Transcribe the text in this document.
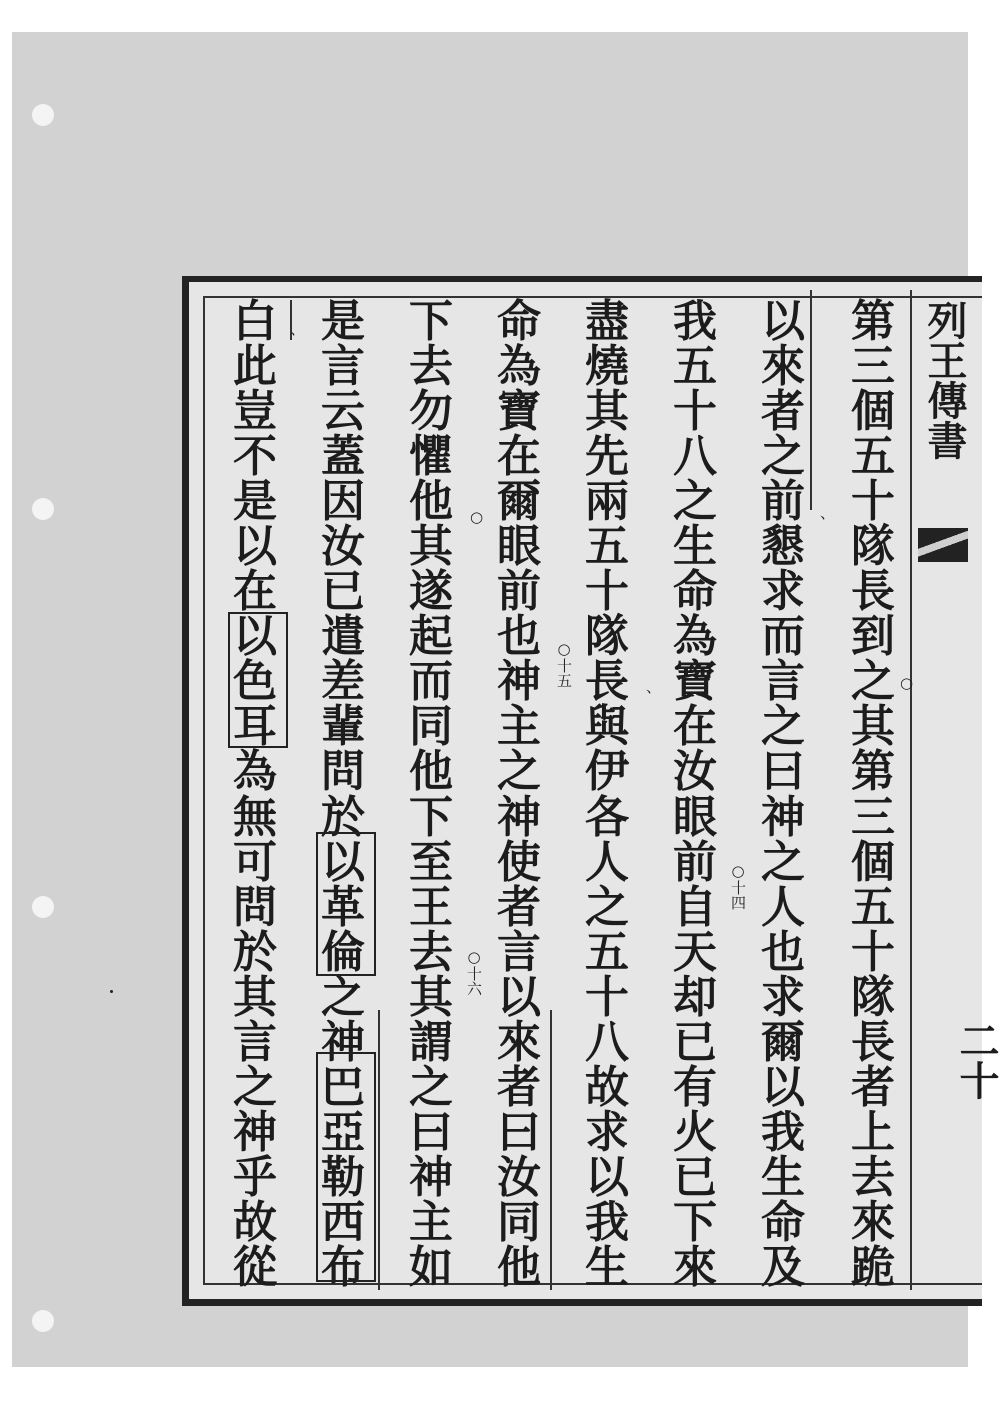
列王傳書
二十
第
三
個
五
十
隊
長
到
之
其
第
三
個
五
十
隊
長
者
上
去
來
跪
以
來
者
之
前
懇
求
而
言
之
曰
神
之
人
也
求
爾
以
我
生
命
及
我
五
十
八
之
生
命
為
寶
在
汝
眼
前
自
天
却
已
有
火
已
下
來
盡
燒
其
先
兩
五
十
隊
長
與
伊
各
人
之
五
十
八
故
求
以
我
生
命
為
寶
在
爾
眼
前
也
神
主
之
神
使
者
言
以
來
者
曰
汝
同
他
下
去
勿
懼
他
其
遂
起
而
同
他
下
至
王
去
其
謂
之
曰
神
主
如
是
言
云
蓋
因
汝
已
遣
差
輩
問
於
以
革
倫
之
神
巴
亞
勒
西
布
白
此
豈
不
是
以
在
以
色
耳
為
無
可
問
於
其
言
之
神
乎
故
從
○
、
○十四
○十五
○十六
、
○
、
